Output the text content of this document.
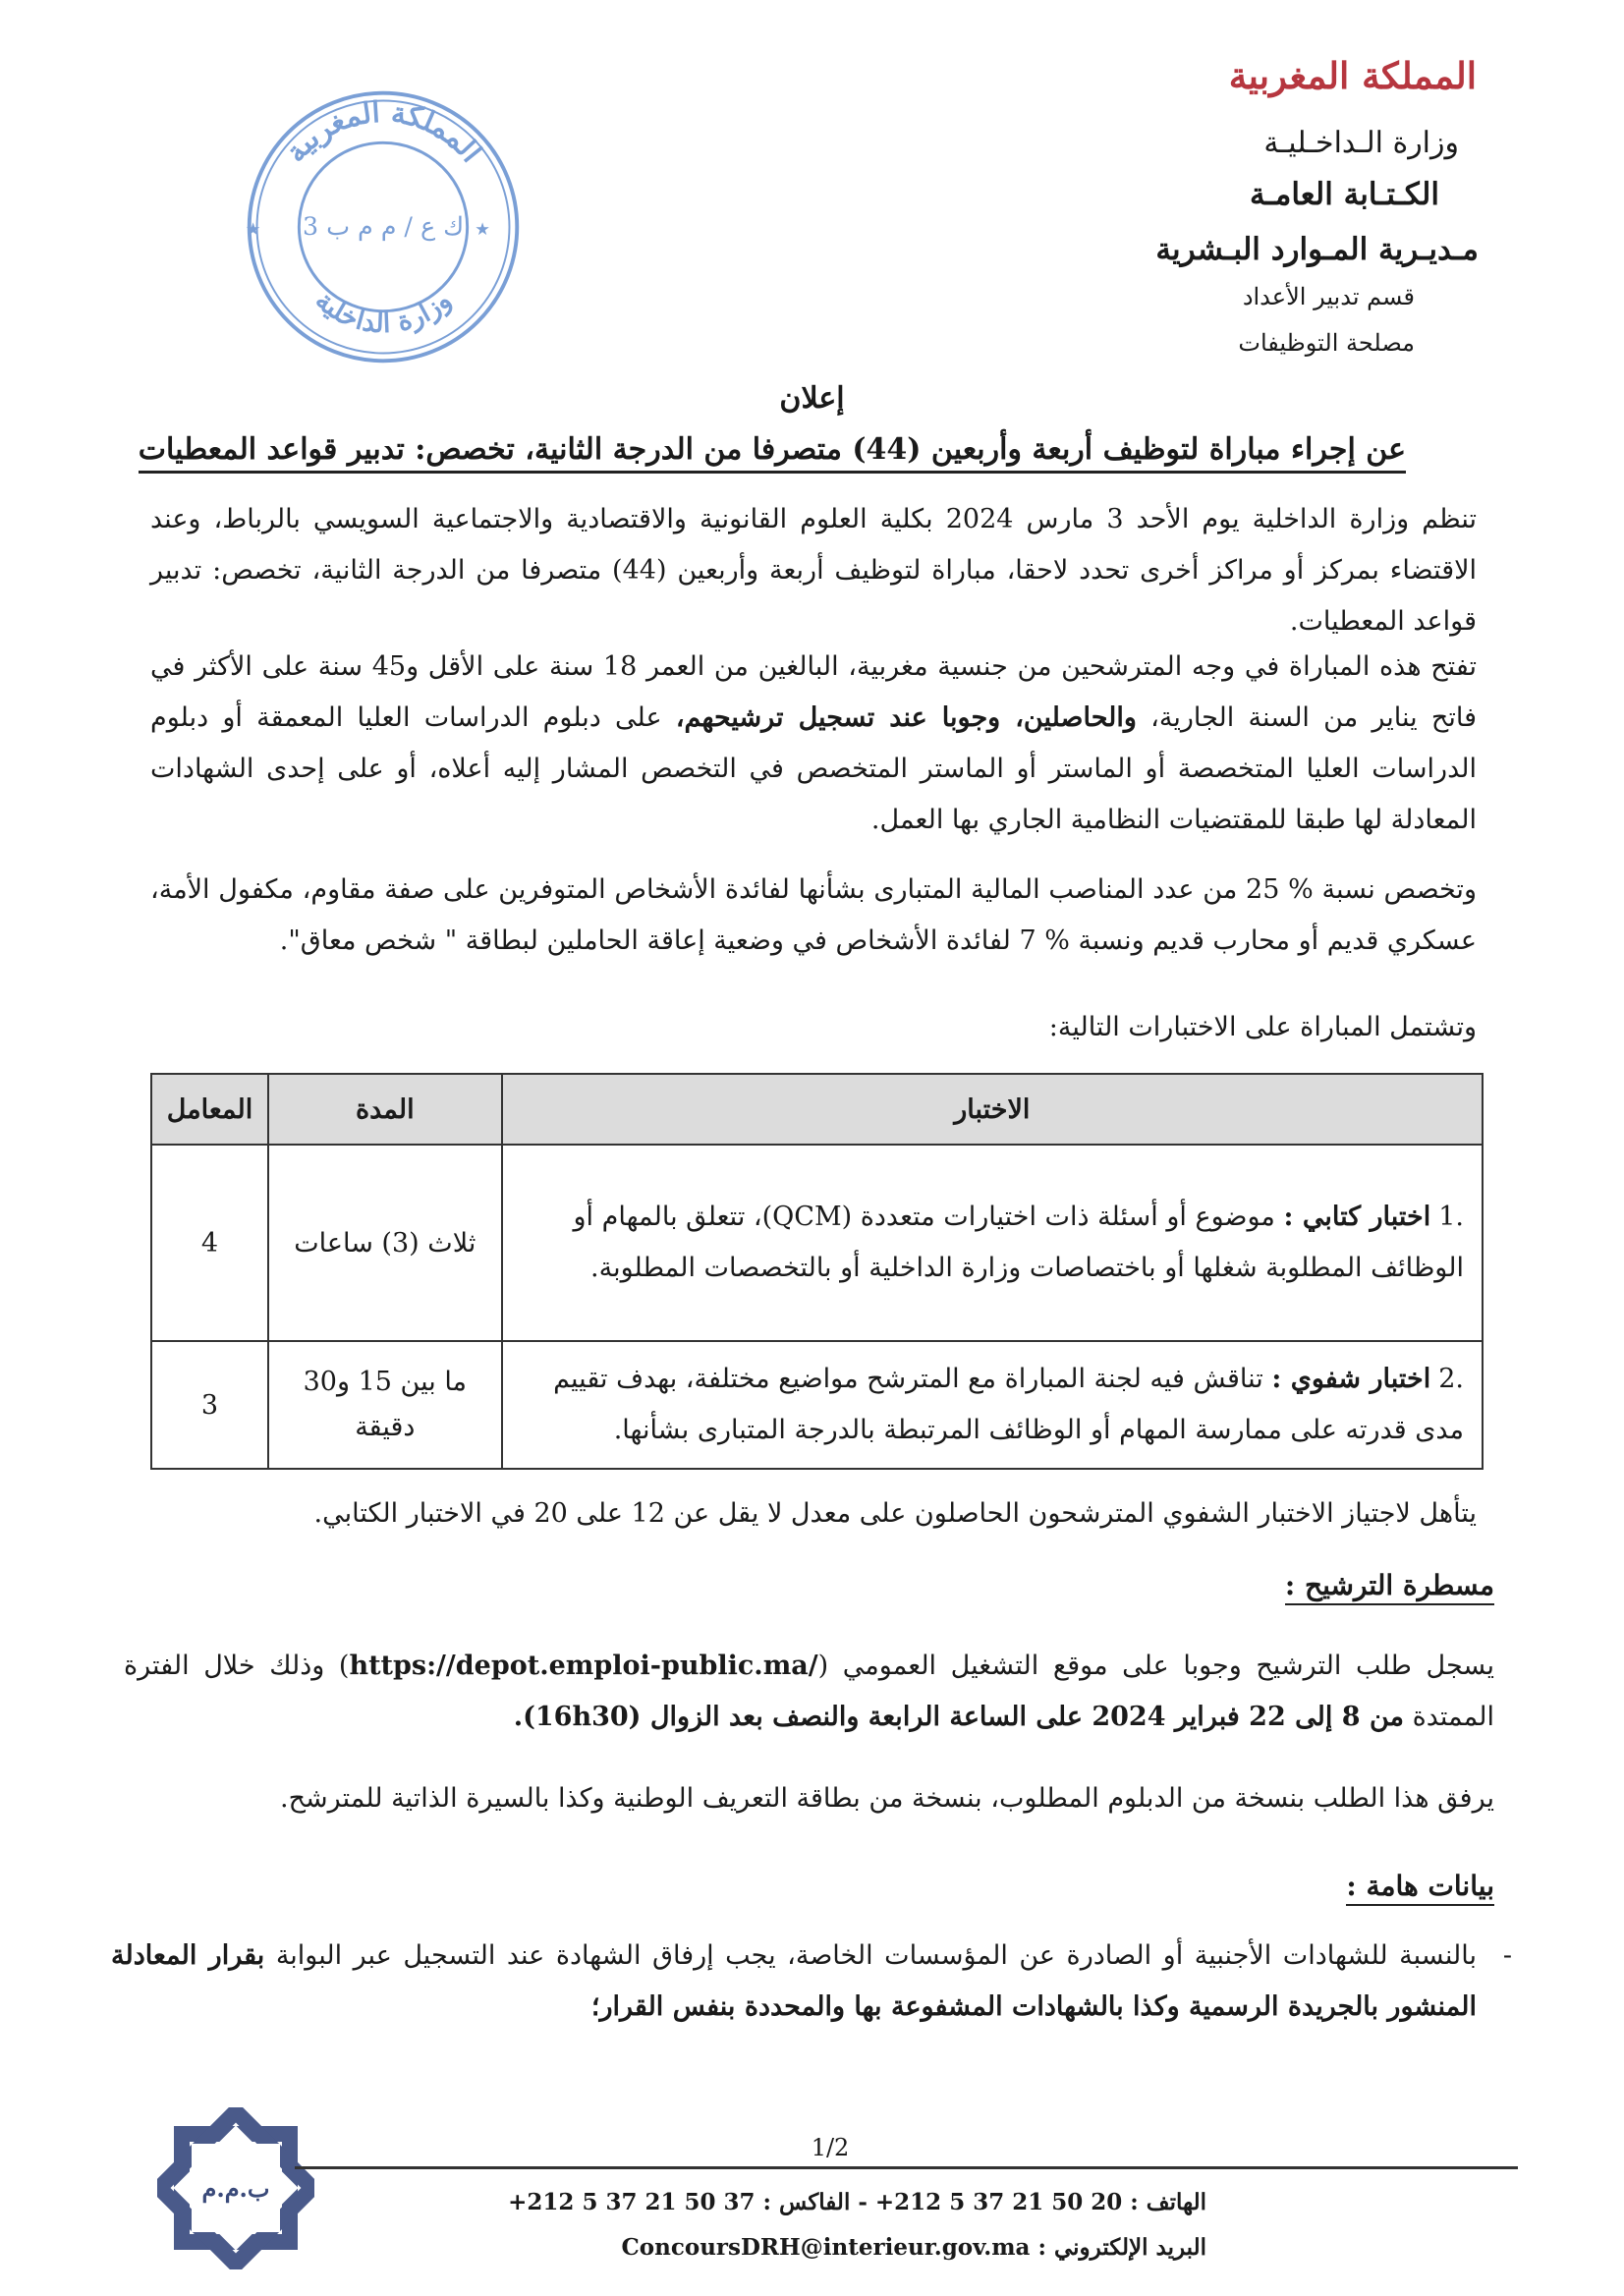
المملكة المغربية
وزارة الـداخـليـة
الكـتـابة العامـة
مـديـرية المـوارد البـشرية
قسم تدبير الأعداد
مصلحة التوظيفات
المملكة المغربية
وزارة الداخلية
★	★
ك ع / م م ب 3
إعلان
عن إجراء مباراة لتوظيف أربعة وأربعين (44) متصرفا من الدرجة الثانية، تخصص: تدبير قواعد المعطيات
تنظم وزارة الداخلية يوم الأحد 3 مارس 2024 بكلية العلوم القانونية والاقتصادية والاجتماعية السويسي بالرباط، وعند الاقتضاء بمركز أو مراكز أخرى تحدد لاحقا، مباراة لتوظيف أربعة وأربعين (44) متصرفا من الدرجة الثانية، تخصص: تدبير قواعد المعطيات.
تفتح هذه المباراة في وجه المترشحين من جنسية مغربية، البالغين من العمر 18 سنة على الأقل و45 سنة على الأكثر في فاتح يناير من السنة الجارية، والحاصلين، وجوبا عند تسجيل ترشيحهم، على دبلوم الدراسات العليا المعمقة أو دبلوم الدراسات العليا المتخصصة أو الماستر أو الماستر المتخصص في التخصص المشار إليه أعلاه، أو على إحدى الشهادات المعادلة لها طبقا للمقتضيات النظامية الجاري بها العمل.
وتخصص نسبة % 25 من عدد المناصب المالية المتبارى بشأنها لفائدة الأشخاص المتوفرين على صفة مقاوم، مكفول الأمة، عسكري قديم أو محارب قديم ونسبة % 7 لفائدة الأشخاص في وضعية إعاقة الحاملين لبطاقة " شخص معاق".
وتشتمل المباراة على الاختبارات التالية:
الاختبار	المدة	المعامل
.1اختبار كتابي : موضوع أو أسئلة ذات اختيارات متعددة (QCM)، تتعلق بالمهام أو الوظائف المطلوبة شغلها أو باختصاصات وزارة الداخلية أو بالتخصصات المطلوبة.	ثلاث (3) ساعات	4
.2اختبار شفوي : تناقش فيه لجنة المباراة مع المترشح مواضيع مختلفة، بهدف تقييم مدى قدرته على ممارسة المهام أو الوظائف المرتبطة بالدرجة المتبارى بشأنها.	ما بين 15 و30 دقيقة	3
يتأهل لاجتياز الاختبار الشفوي المترشحون الحاصلون على معدل لا يقل عن 12 على 20 في الاختبار الكتابي.
مسطرة الترشيح :
يسجل طلب الترشيح وجوبا على موقع التشغيل العمومي (https://depot.emploi-public.ma/) وذلك خلال الفترة الممتدة من 8 إلى 22 فبراير 2024 على الساعة الرابعة والنصف بعد الزوال (16h30).
يرفق هذا الطلب بنسخة من الدبلوم المطلوب، بنسخة من بطاقة التعريف الوطنية وكذا بالسيرة الذاتية للمترشح.
بيانات هامة :
-
بالنسبة للشهادات الأجنبية أو الصادرة عن المؤسسات الخاصة، يجب إرفاق الشهادة عند التسجيل عبر البوابة بقرار المعادلة المنشور بالجريدة الرسمية وكذا بالشهادات المشفوعة بها والمحددة بنفس القرار؛
ب.م.م
1/2
الهاتف : +212 5 37 21 50 20 - الفاكس : +212 5 37 21 50 37
البريد الإلكتروني : ConcoursDRH@interieur.gov.ma
